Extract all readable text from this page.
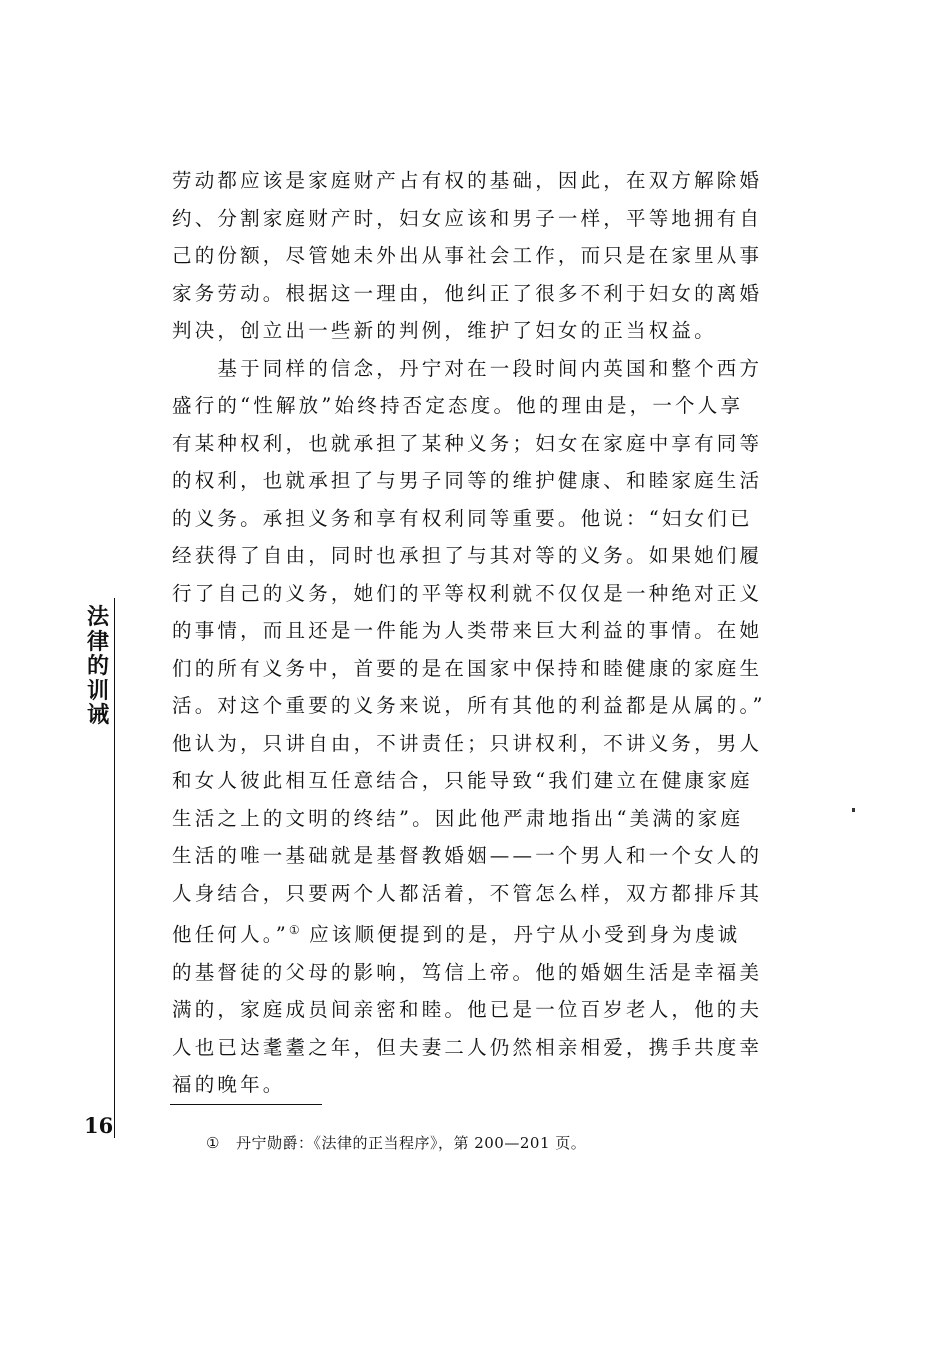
法律的训诫
16
劳动都应该是家庭财产占有权的基础，因此，在双方解除婚
约、分割家庭财产时，妇女应该和男子一样，平等地拥有自
己的份额，尽管她未外出从事社会工作，而只是在家里从事
家务劳动。根据这一理由，他纠正了很多不利于妇女的离婚
判决，创立出一些新的判例，维护了妇女的正当权益。
　　基于同样的信念，丹宁对在一段时间内英国和整个西方
盛行的“性解放”始终持否定态度。他的理由是，一个人享
有某种权利，也就承担了某种义务；妇女在家庭中享有同等
的权利，也就承担了与男子同等的维护健康、和睦家庭生活
的义务。承担义务和享有权利同等重要。他说：“妇女们已
经获得了自由，同时也承担了与其对等的义务。如果她们履
行了自己的义务，她们的平等权利就不仅仅是一种绝对正义
的事情，而且还是一件能为人类带来巨大利益的事情。在她
们的所有义务中，首要的是在国家中保持和睦健康的家庭生
活。对这个重要的义务来说，所有其他的利益都是从属的。”
他认为，只讲自由，不讲责任；只讲权利，不讲义务，男人
和女人彼此相互任意结合，只能导致“我们建立在健康家庭
生活之上的文明的终结”。因此他严肃地指出“美满的家庭
生活的唯一基础就是基督教婚姻——一个男人和一个女人的
人身结合，只要两个人都活着，不管怎么样，双方都排斥其
他任何人。”① 应该顺便提到的是，丹宁从小受到身为虔诚
的基督徒的父母的影响，笃信上帝。他的婚姻生活是幸福美
满的，家庭成员间亲密和睦。他已是一位百岁老人，他的夫
人也已达耄耋之年，但夫妻二人仍然相亲相爱，携手共度幸
福的晚年。
① 丹宁勋爵：《法律的正当程序》，第 200—201 页。
